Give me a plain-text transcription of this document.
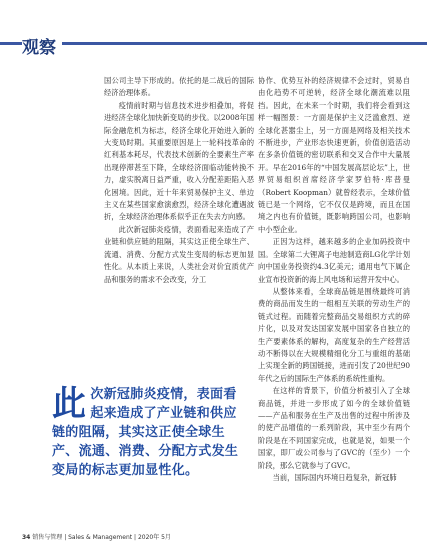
观察

国公司主导下形成的。依托的是二战后的国际经济治理体系。

疫情前时期与信息技术进步相叠加，将促进经济全球化加快新变局的步伐。以2008年国际金融危机为标志，经济全球化开始进入新的大变局时期。其重要原因是上一轮科技革命的红利基本耗尽，代表技术创新的全要素生产率出现停滞甚至下降，全球经济面临动能转换不力，虚实脱离日益严重，收入分配差距陷入恶化困境。因此，近十年来贸易保护主义、单边主义在某些国家愈演愈烈，经济全球化遭遇波折，全球经济治理体系似乎正在失去方向感。

此次新冠肺炎疫情，表面看起来造成了产业链和供应链的阻隔，其实这正使全球生产、流通、消费、分配方式发生变局的标志更加显性化。从本质上来说，人类社会对价宜质优产品和服务的需求不会改变，分工

协作、优势互补的经济规律不会过时，贸易自由化趋势不可逆转，经济全球化潮流难以阻挡。因此，在未来一个时期，我们将会看到这样一幅图景：一方面是保护主义泛滥愈烈、逆全球化甚嚣尘上，另一方面是网络及相关技术不断进步，产业形态快速更新，价值创造活动在多条价值链的密切联系和交叉合作中大量展开。早在2016年的“中国发展高层论坛”上，世界贸易组织首席经济学家罗伯特·库普曼（Robert Koopman）就曾经表示，全球价值链已是一个网络，它不仅仅是跨境，而且在国境之内也有价值链，既影响跨国公司，也影响中小型企业。

正因为这样，越来越多的企业加码投资中国。全球第二大锂离子电池制造商LG化学计划向中国业务投资约4.3亿美元；通用电气下属企业宣布投资新的海上风电场和运营开发中心。

从整体来看，全球商品链是围绕最终可消费的商品而发生的一组相互关联的劳动生产的链式过程。而随着完整商品交易组织方式的碎片化，以及对发达国家发展中国家各自独立的生产要素体系的解构，高度复杂的生产经营活动不断得以在大规模精细化分工与重组的基础上实现全新的跨国链接，进而引发了20世纪90年代之后的国际生产体系的系统性重构。

在这样的背景下，价值分析被引入了全球商品链，并进一步形成了如今的全球价值链——产品和服务在生产及出售的过程中所涉及的使产品增值的一系列阶段，其中至少有两个阶段是在不同国家完成，也就是说，如果一个国家，即厂或公司参与了GVC的（至少）一个阶段，那么它就参与了GVC。

当前，国际国内环境日趋复杂，新冠肺

此 次新冠肺炎疫情，表面看起来造成了产业链和供应链的阻隔，其实这正使全球生产、流通、消费、分配方式发生变局的标志更加显性化。
34 销售与管理 | Sales & Management | 2020年 5月
